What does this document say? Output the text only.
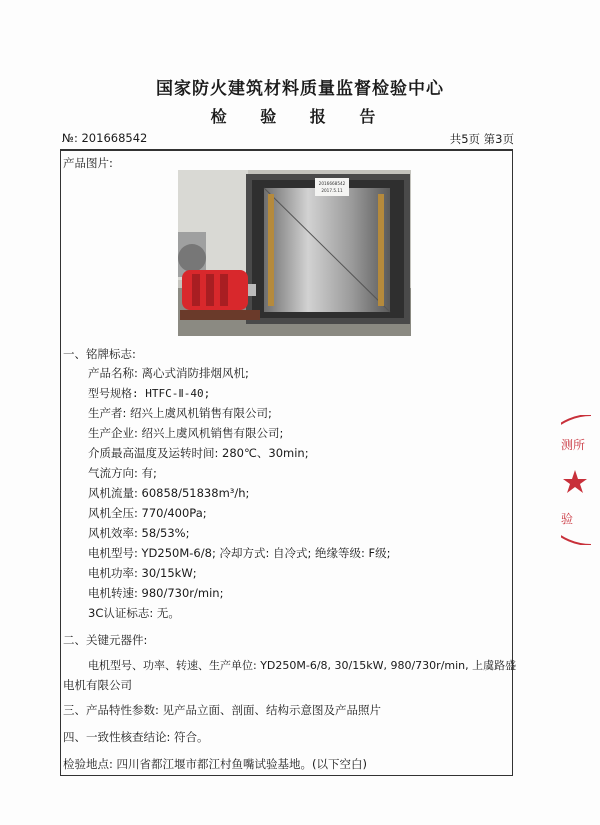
国家防火建筑材料质量监督检验中心
检 验 报 告
№: 201668542	共5页 第3页
产品图片:
2016668542
2017.5.11
一、铭牌标志:
产品名称: 离心式消防排烟风机;
型号规格: HTFC-Ⅱ-40;
生产者: 绍兴上虞风机销售有限公司;
生产企业: 绍兴上虞风机销售有限公司;
介质最高温度及运转时间: 280℃、30min;
气流方向: 有;
风机流量: 60858/51838m³/h;
风机全压: 770/400Pa;
风机效率: 58/53%;
电机型号: YD250M-6/8; 冷却方式: 自冷式; 绝缘等级: F级;
电机功率: 30/15kW;
电机转速: 980/730r/min;
3C认证标志: 无。
二、关键元器件:
电机型号、功率、转速、生产单位: YD250M-6/8, 30/15kW, 980/730r/min, 上虞路盛
电机有限公司
三、产品特性参数: 见产品立面、剖面、结构示意图及产品照片
四、一致性核查结论: 符合。
检验地点: 四川省都江堰市都江村鱼嘴试验基地。(以下空白)
测所
验
